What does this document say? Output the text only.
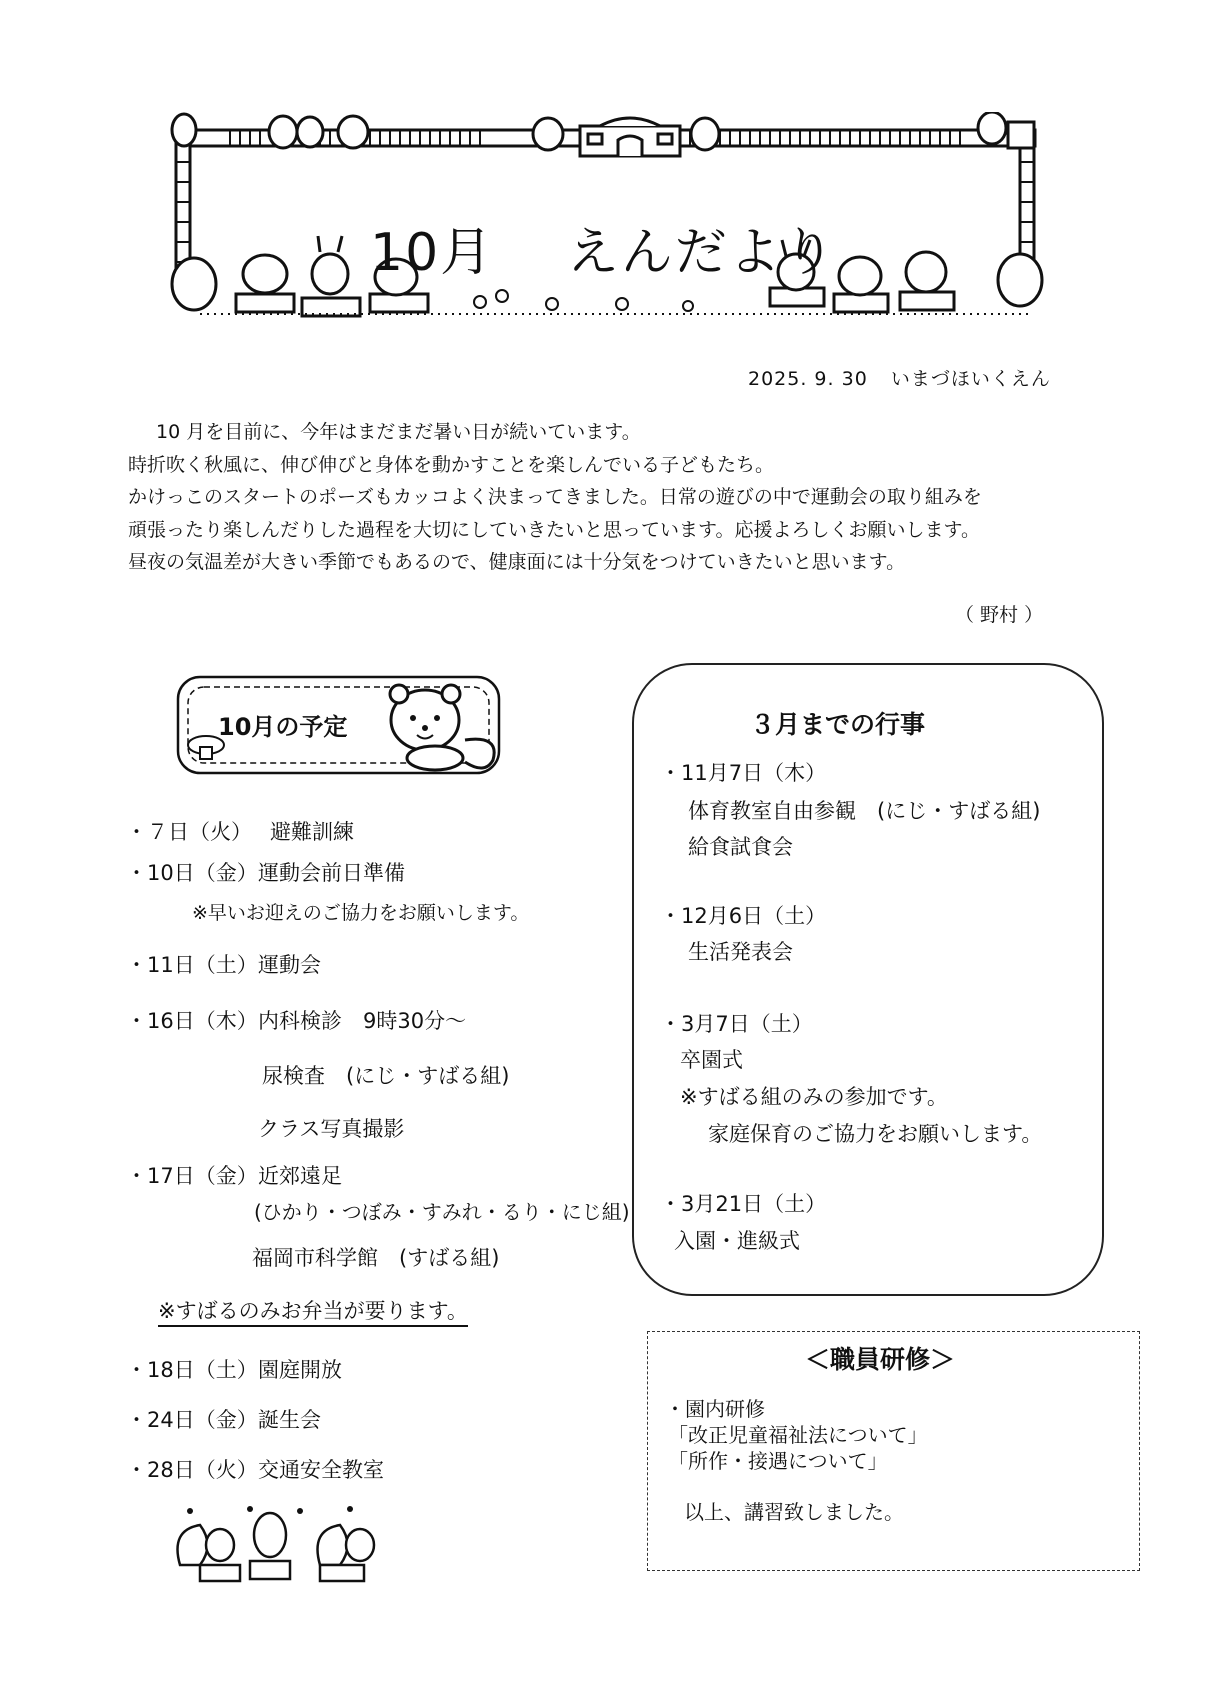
10月　 えんだより
2025. 9. 30 いまづほいくえん

10 月を目前に、今年はまだまだ暑い日が続いています。

時折吹く秋風に、伸び伸びと身体を動かすことを楽しんでいる子どもたち。

かけっこのスタートのポーズもカッコよく決まってきました。日常の遊びの中で運動会の取り組みを

頑張ったり楽しんだりした過程を大切にしていきたいと思っています。応援よろしくお願いします。

昼夜の気温差が大きい季節でもあるので、健康面には十分気をつけていきたいと思います。

（ 野村 ）
10月の予定
・７日（火） 避難訓練
・10日（金）運動会前日準備
※早いお迎えのご協力をお願いします。
・11日（土）運動会
・16日（木）内科検診　9時30分～
尿検査　(にじ・すばる組)
クラス写真撮影
・17日（金）近郊遠足
(ひかり・つぼみ・すみれ・るり・にじ組)
福岡市科学館　(すばる組)
※すばるのみお弁当が要ります。
・18日（土）園庭開放
・24日（金）誕生会
・28日（火）交通安全教室
３月までの行事
・11月7日（木）
体育教室自由参観　(にじ・すばる組)
給食試食会
・12月6日（土）
生活発表会
・3月7日（土）
卒園式
※すばる組のみの参加です。
家庭保育のご協力をお願いします。
・3月21日（土）
入園・進級式
＜職員研修＞
・園内研修
「改正児童福祉法について」
「所作・接遇について」
以上、講習致しました。
